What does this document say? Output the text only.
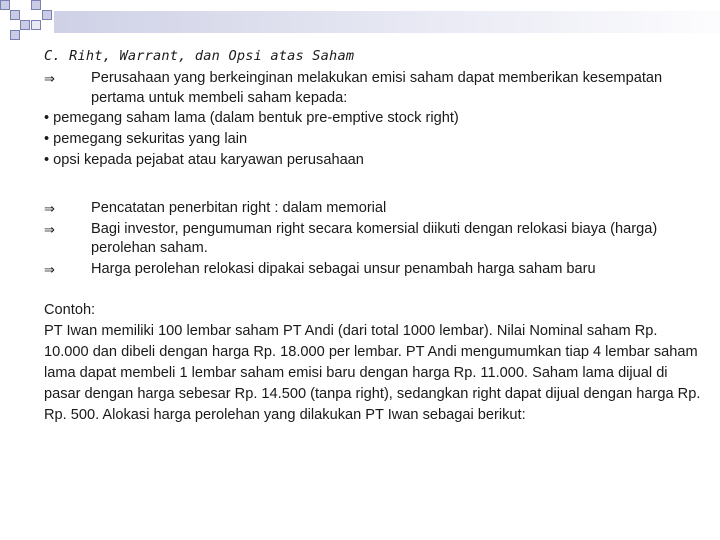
C. Riht, Warrant, dan Opsi atas Saham
⇒ Perusahaan yang berkeinginan melakukan emisi saham dapat memberikan kesempatan pertama untuk membeli saham kepada:
• pemegang saham lama (dalam bentuk pre-emptive stock right)
• pemegang sekuritas yang lain
• opsi kepada pejabat atau karyawan perusahaan
⇒ Pencatatan penerbitan right : dalam memorial
⇒ Bagi investor, pengumuman right secara komersial diikuti dengan relokasi biaya (harga) perolehan saham.
⇒ Harga perolehan relokasi dipakai sebagai unsur penambah harga saham baru

Contoh:

PT Iwan memiliki 100 lembar saham PT Andi (dari total 1000 lembar). Nilai Nominal saham Rp. 10.000 dan dibeli dengan harga Rp. 18.000 per lembar. PT Andi mengumumkan tiap 4 lembar saham lama dapat membeli 1 lembar saham emisi baru dengan harga Rp. 11.000. Saham lama dijual di pasar dengan harga sebesar Rp. 14.500 (tanpa right), sedangkan right dapat dijual dengan harga Rp. Rp. 500. Alokasi harga perolehan yang dilakukan PT Iwan sebagai berikut:
